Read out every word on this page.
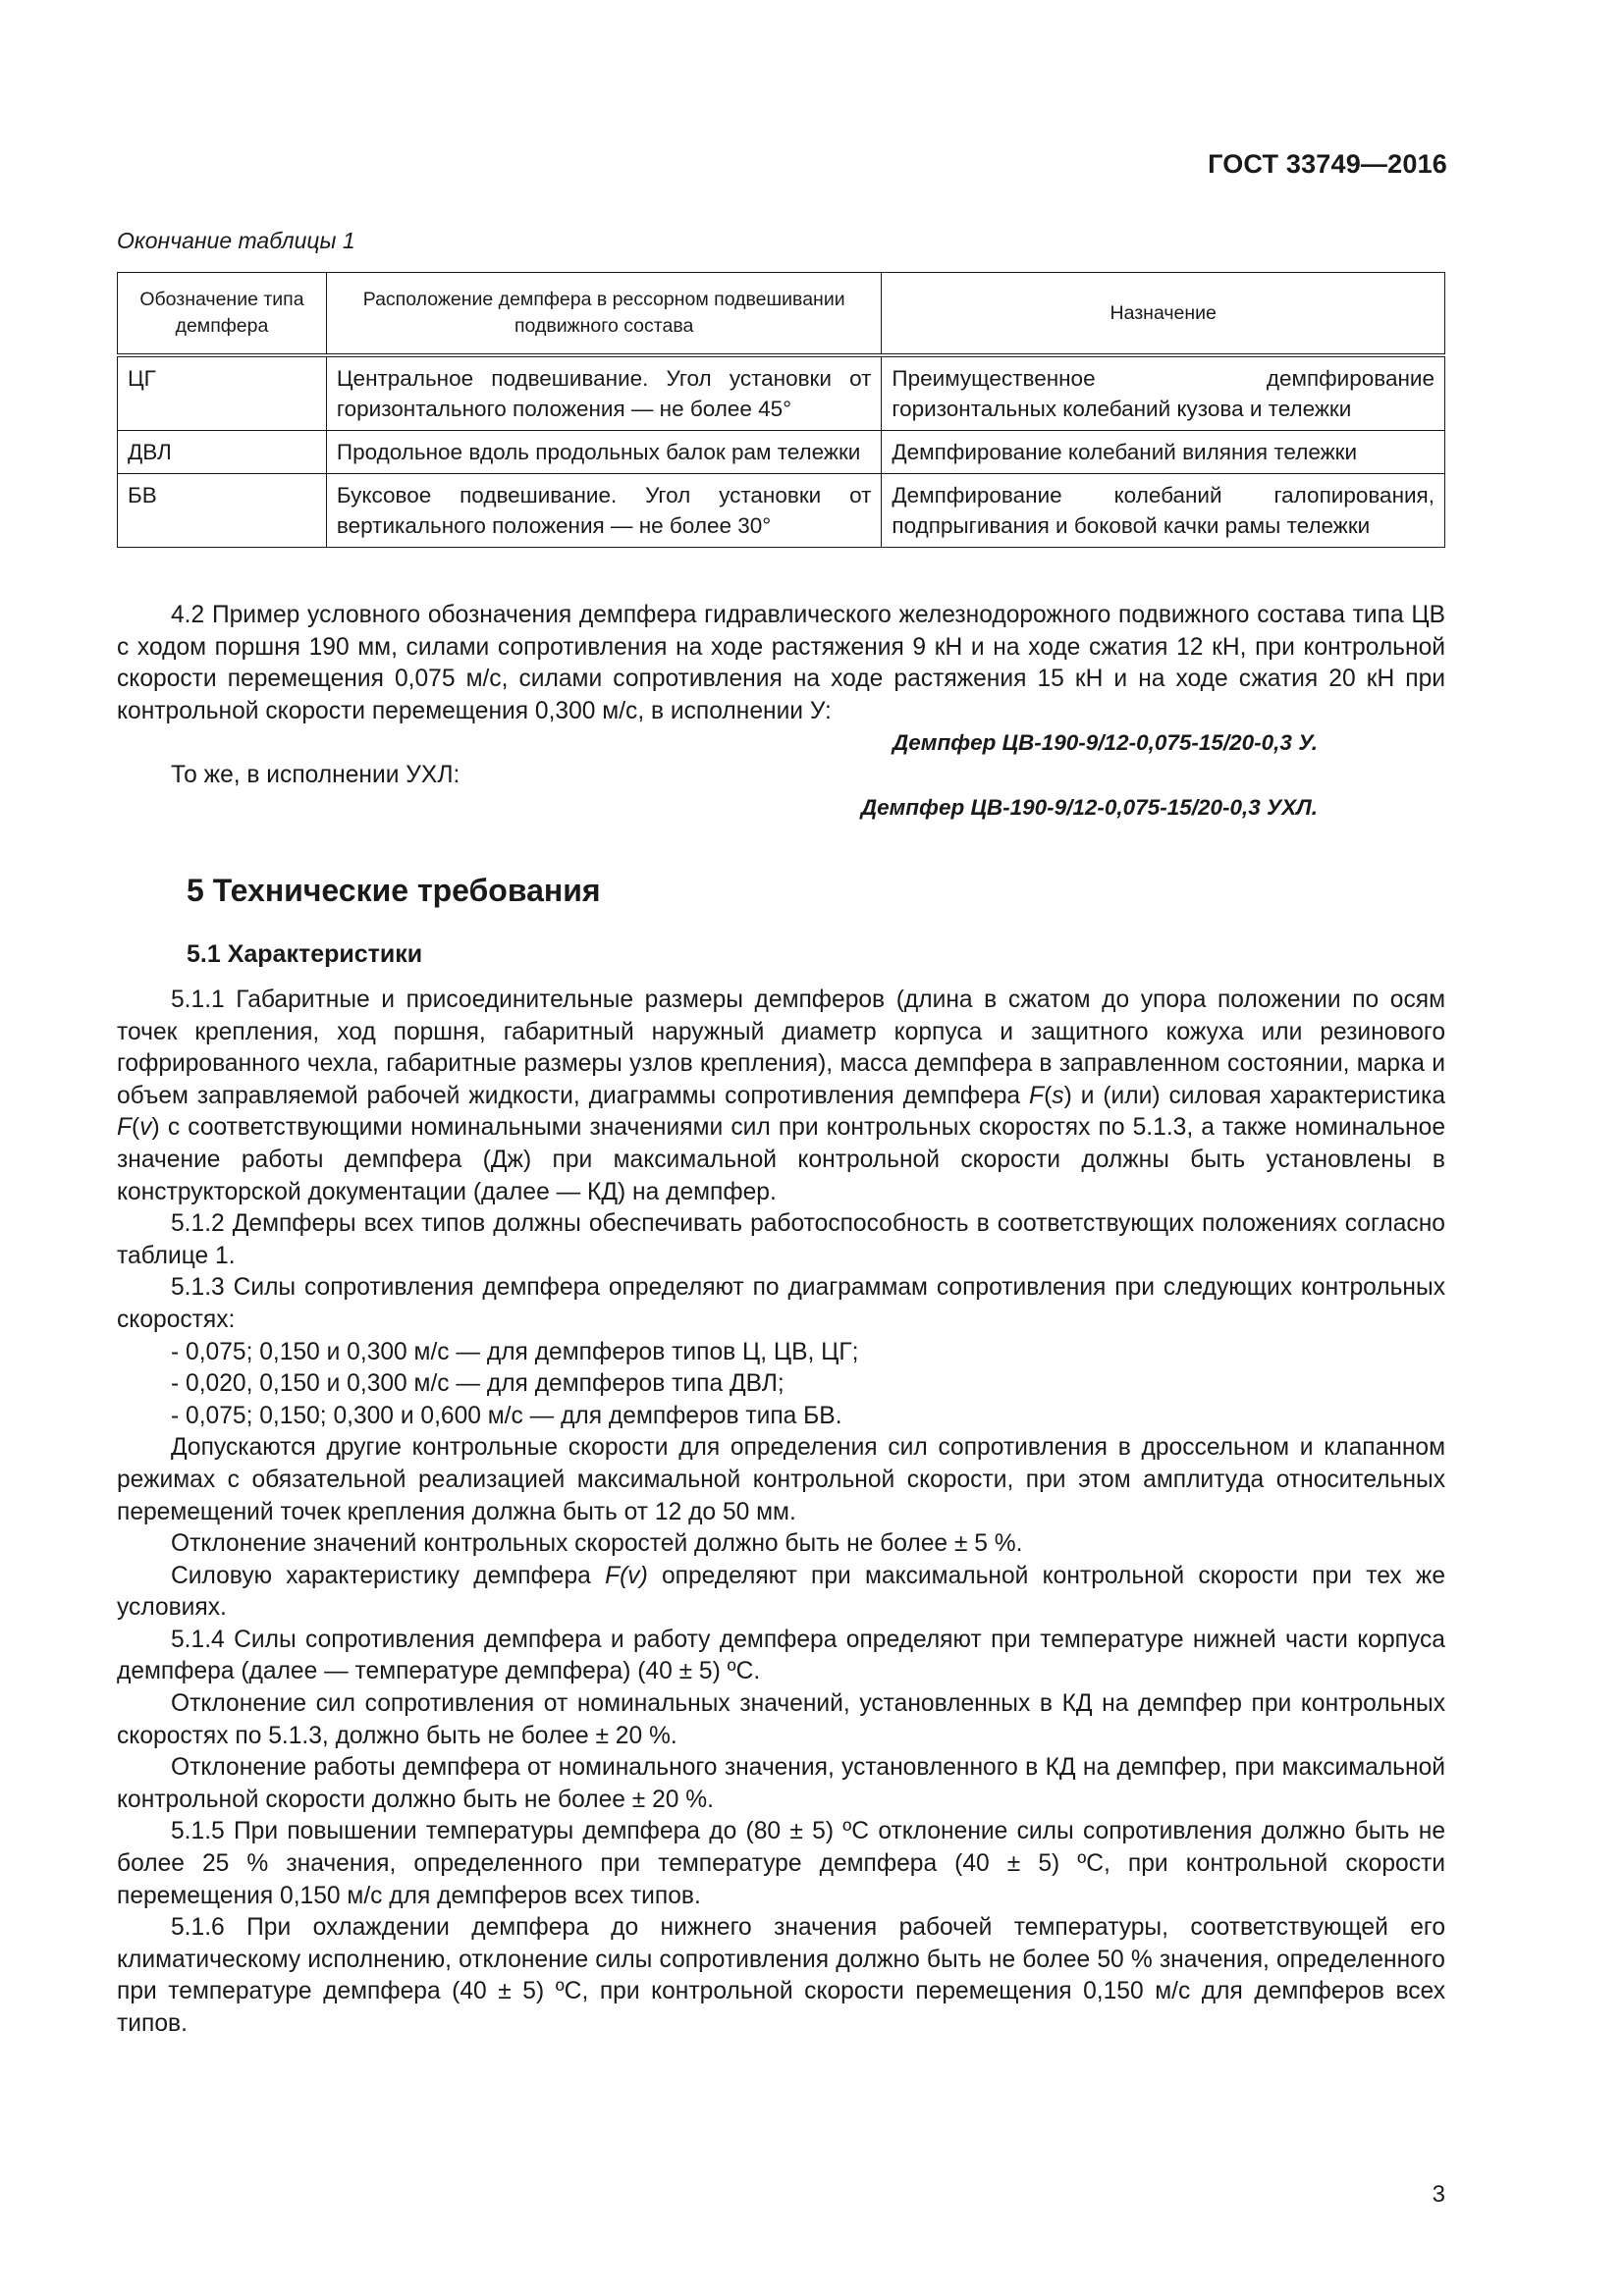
ГОСТ 33749—2016
Окончание таблицы 1
Обозначение типа демпфера	Расположение демпфера в рессорном подвешивании подвижного состава	Назначение
ЦГ	Центральное подвешивание. Угол установки от горизонтального положения — не более 45°	Преимущественное демпфирование горизонтальных колебаний кузова и тележки
ДВЛ	Продольное вдоль продольных балок рам тележки	Демпфирование колебаний виляния тележки
БВ	Буксовое подвешивание. Угол установки от вертикального положения — не более 30°	Демпфирование колебаний галопирования, подпрыгивания и боковой качки рамы тележки

4.2 Пример условного обозначения демпфера гидравлического железнодорожного подвижного состава типа ЦВ с ходом поршня 190 мм, силами сопротивления на ходе растяжения 9 кН и на ходе сжатия 12 кН, при контрольной скорости перемещения 0,075 м/с, силами сопротивления на ходе растяжения 15 кН и на ходе сжатия 20 кН при контрольной скорости перемещения 0,300 м/с, в исполнении У:

Демпфер ЦВ-190-9/12-0,075-15/20-0,3 У.

То же, в исполнении УХЛ:

Демпфер ЦВ-190-9/12-0,075-15/20-0,3 УХЛ.

5 Технические требования
5.1 Характеристики

5.1.1 Габаритные и присоединительные размеры демпферов (длина в сжатом до упора положении по осям точек крепления, ход поршня, габаритный наружный диаметр корпуса и защитного кожуха или резинового гофрированного чехла, габаритные размеры узлов крепления), масса демпфера в заправленном состоянии, марка и объем заправляемой рабочей жидкости, диаграммы сопротивления демпфера F(s) и (или) силовая характеристика F(v) с соответствующими номинальными значениями сил при контрольных скоростях по 5.1.3, а также номинальное значение работы демпфера (Дж) при максимальной контрольной скорости должны быть установлены в конструкторской документации (далее — КД) на демпфер.

5.1.2 Демпферы всех типов должны обеспечивать работоспособность в соответствующих положениях согласно таблице 1.

5.1.3 Силы сопротивления демпфера определяют по диаграммам сопротивления при следующих контрольных скоростях:

- 0,075; 0,150 и 0,300 м/с — для демпферов типов Ц, ЦВ, ЦГ;

- 0,020, 0,150 и 0,300 м/с — для демпферов типа ДВЛ;

- 0,075; 0,150; 0,300 и 0,600 м/с — для демпферов типа БВ.

Допускаются другие контрольные скорости для определения сил сопротивления в дроссельном и клапанном режимах с обязательной реализацией максимальной контрольной скорости, при этом амплитуда относительных перемещений точек крепления должна быть от 12 до 50 мм.

Отклонение значений контрольных скоростей должно быть не более ± 5 %.

Силовую характеристику демпфера F(v) определяют при максимальной контрольной скорости при тех же условиях.

5.1.4 Силы сопротивления демпфера и работу демпфера определяют при температуре нижней части корпуса демпфера (далее — температуре демпфера) (40 ± 5) ºС.

Отклонение сил сопротивления от номинальных значений, установленных в КД на демпфер при контрольных скоростях по 5.1.3, должно быть не более ± 20 %.

Отклонение работы демпфера от номинального значения, установленного в КД на демпфер, при максимальной контрольной скорости должно быть не более ± 20 %.

5.1.5 При повышении температуры демпфера до (80 ± 5) ºС отклонение силы сопротивления должно быть не более 25 % значения, определенного при температуре демпфера (40 ± 5) ºС, при контрольной скорости перемещения 0,150 м/с для демпферов всех типов.

5.1.6 При охлаждении демпфера до нижнего значения рабочей температуры, соответствующей его климатическому исполнению, отклонение силы сопротивления должно быть не более 50 % значения, определенного при температуре демпфера (40 ± 5) ºС, при контрольной скорости перемещения 0,150 м/с для демпферов всех типов.

3
